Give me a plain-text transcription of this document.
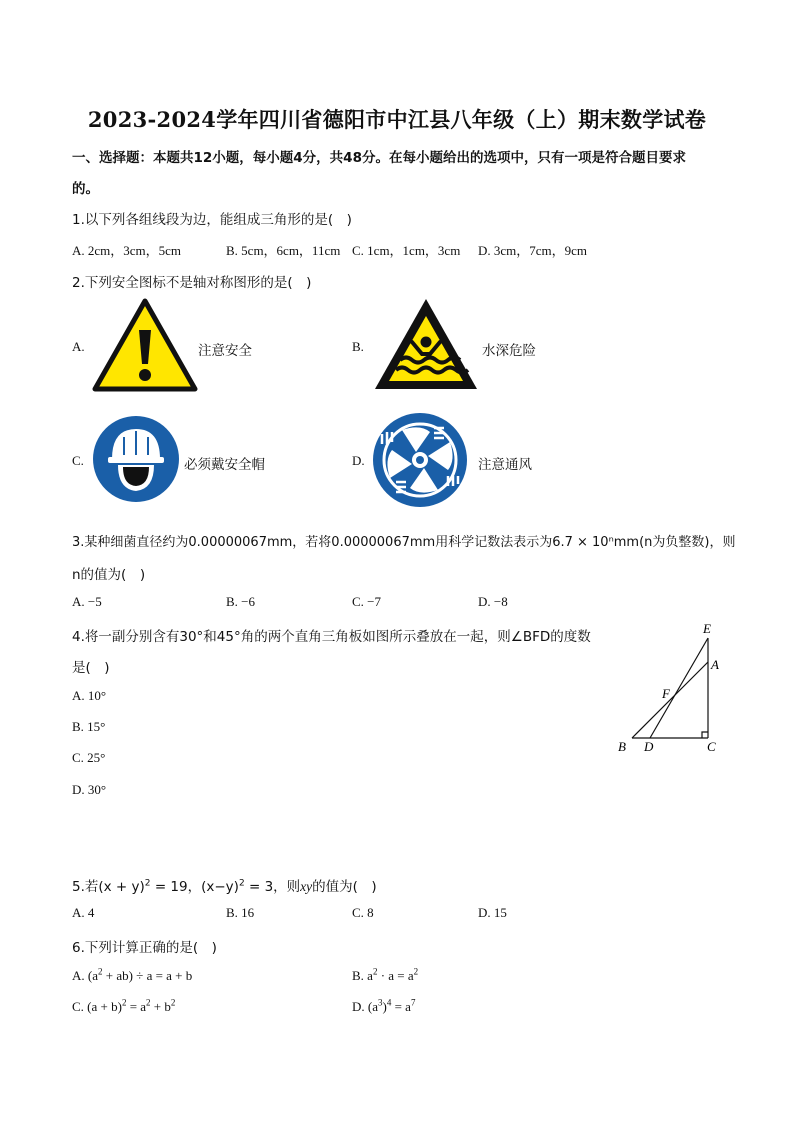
2023-2024学年四川省德阳市中江县八年级（上）期末数学试卷
一、选择题：本题共12小题，每小题4分，共48分。在每小题给出的选项中，只有一项是符合题目要求
的。
1.以下列各组线段为边，能组成三角形的是(　)
A. 2cm，3cm，5cm	B. 5cm，6cm，11cm C. 1cm，1cm，3cm D. 3cm，7cm，9cm
2.下列安全图标不是轴对称图形的是(　)
A.	注意安全	B.	水深危险
C.	必须戴安全帽	D.	注意通风
3.某种细菌直径约为0.00000067mm，若将0.00000067mm用科学记数法表示为6.7 × 10ⁿmm(n为负整数)，则
n的值为(　)
A. −5	B. −6	C. −7	D. −8
4.将一副分别含有30°和45°角的两个直角三角板如图所示叠放在一起，则∠BFD的度数
是(　)
A. 10°
B. 15°
C. 25°
D. 30°
E
A
F
B D	C
5.若$(x + y)^2 = 19$，$(x-y)^2 = 3$，则xy的值为(　)
A. 4	B. 16	C. 8	D. 15
6.下列计算正确的是(　)
A. $(a^2 + ab) \div a = a + b$	B. $a^2 \cdot a = a^2$
C. $(a + b)^2 = a^2 + b^2$	D. $(a^3)^4 = a^7$
